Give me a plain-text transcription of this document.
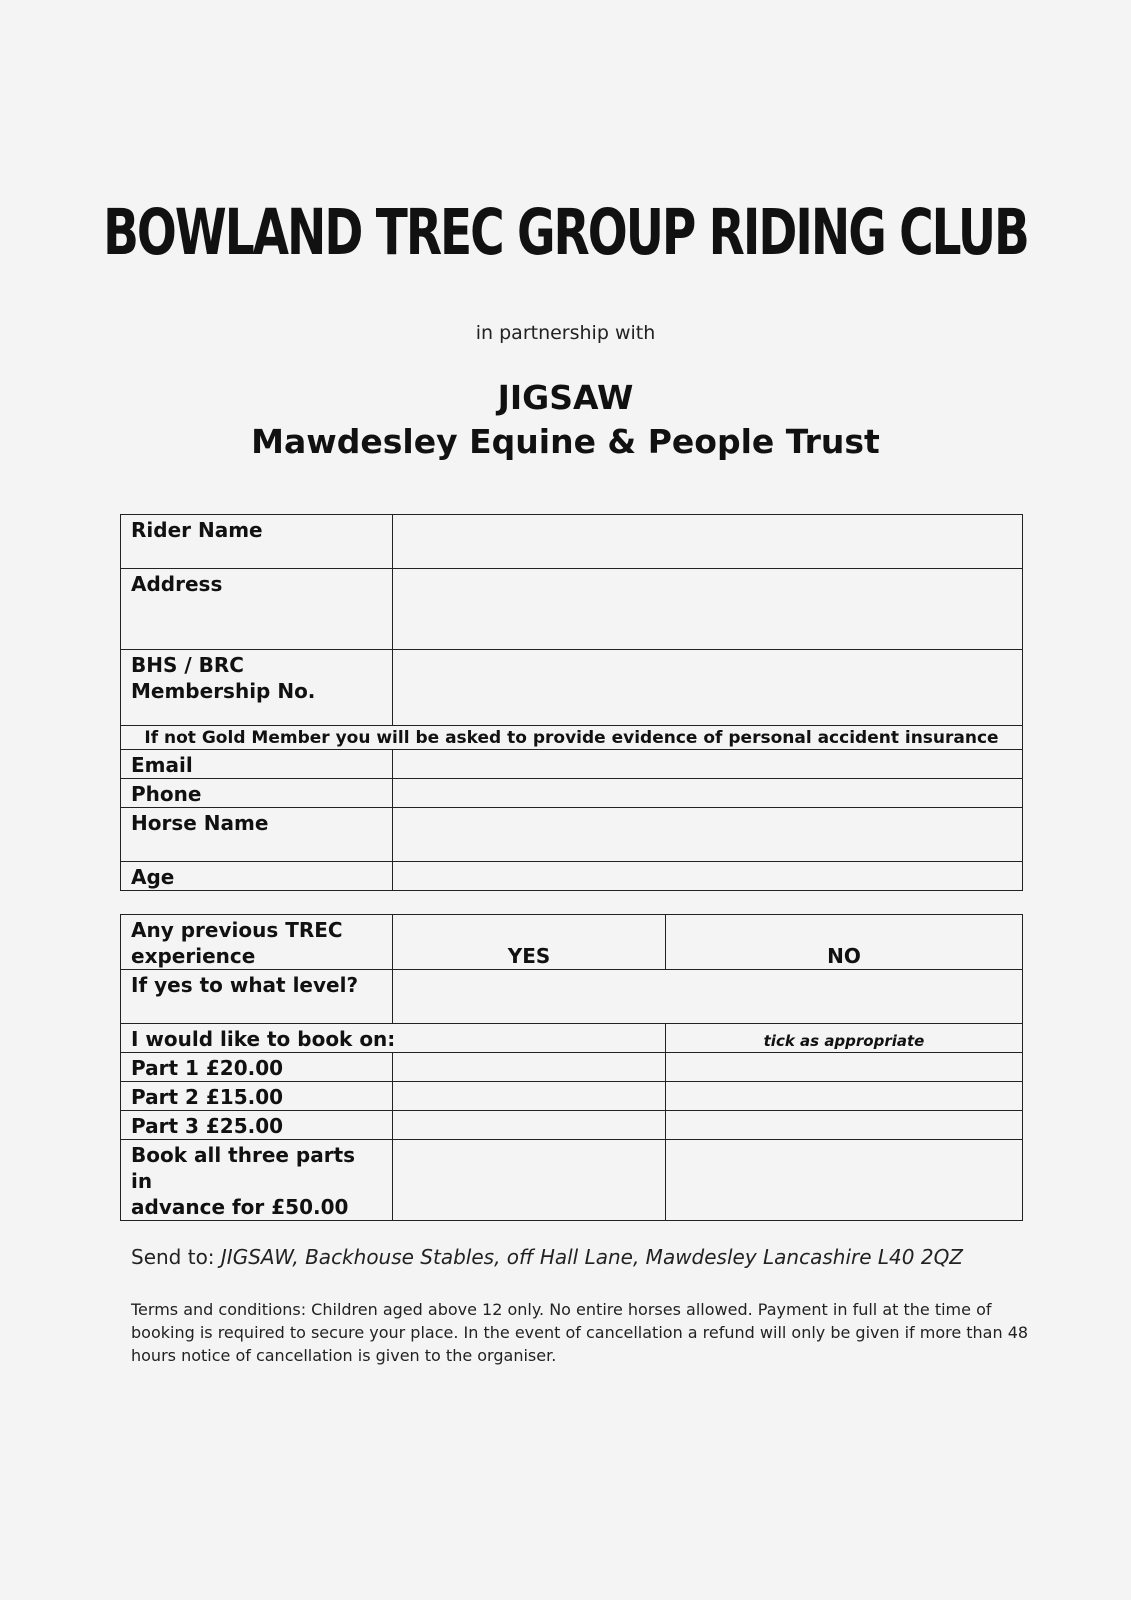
BOWLAND TREC GROUP RIDING CLUB
in partnership with
JIGSAW
Mawdesley Equine & People Trust
Rider Name	
Address	

BHS / BRC
Membership No.	

If not Gold Member you will be asked to provide evidence of personal accident insurance	
Email	
Phone	
Horse Name	
Age	
Any previous TREC
experience	YES	NO
If yes to what level?		
I would like to book on:		tick as appropriate
Part 1 £20.00		
Part 2 £15.00		
Part 3 £25.00		

Book all three parts in
advance for £50.00		

Send to: JIGSAW, Backhouse Stables, off Hall Lane, Mawdesley Lancashire L40 2QZ
Terms and conditions: Children aged above 12 only. No entire horses allowed. Payment in full at the time of booking is required to secure your place. In the event of cancellation a refund will only be given if more than 48 hours notice of cancellation is given to the organiser.
